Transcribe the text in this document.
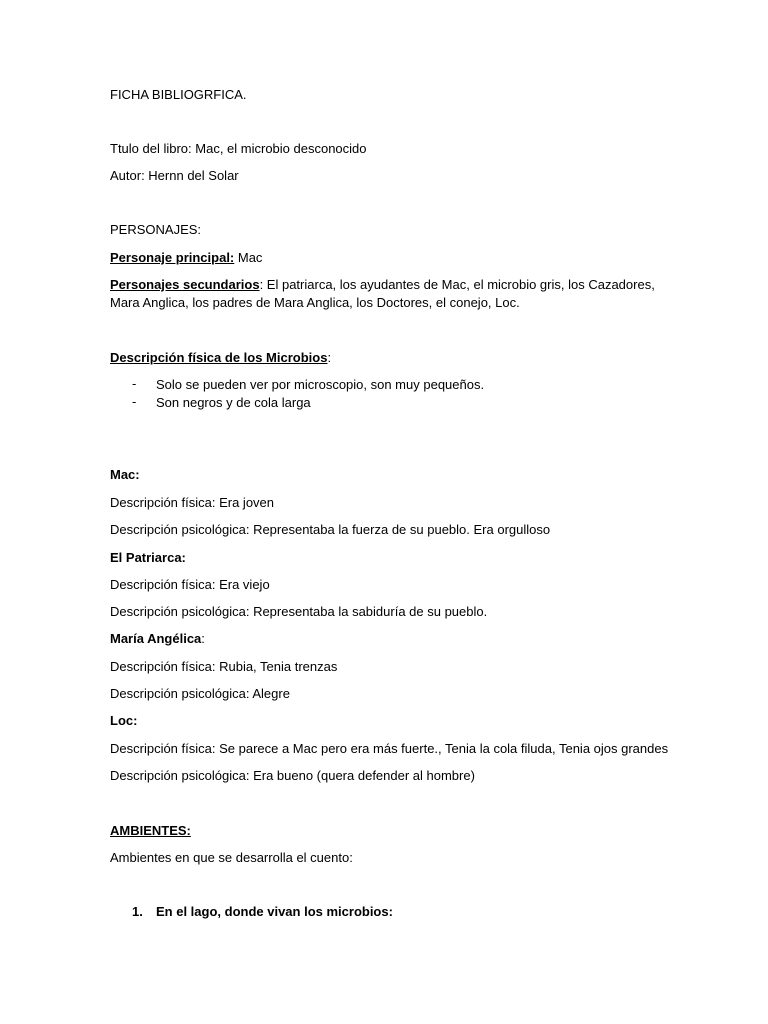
FICHA BIBLIOGRFICA.
Ttulo del libro: Mac, el microbio desconocido
Autor: Hernn del Solar
PERSONAJES:
Personaje principal: Mac
Personajes secundarios: El patriarca, los ayudantes de Mac, el microbio gris, los Cazadores,
Mara Anglica, los padres de Mara Anglica, los Doctores, el conejo, Loc.
Descripción física de los Microbios:
- Solo se pueden ver por microscopio, son muy pequeños.
- Son negros y de cola larga
Mac:
Descripción física: Era joven
Descripción psicológica: Representaba la fuerza de su pueblo. Era orgulloso
El Patriarca:
Descripción física: Era viejo
Descripción psicológica: Representaba la sabiduría de su pueblo.
María Angélica:
Descripción física: Rubia, Tenia trenzas
Descripción psicológica: Alegre
Loc:
Descripción física: Se parece a Mac pero era más fuerte., Tenia la cola filuda, Tenia ojos grandes
Descripción psicológica: Era bueno (quera defender al hombre)
AMBIENTES:
Ambientes en que se desarrolla el cuento:
1. En el lago, donde vivan los microbios:
